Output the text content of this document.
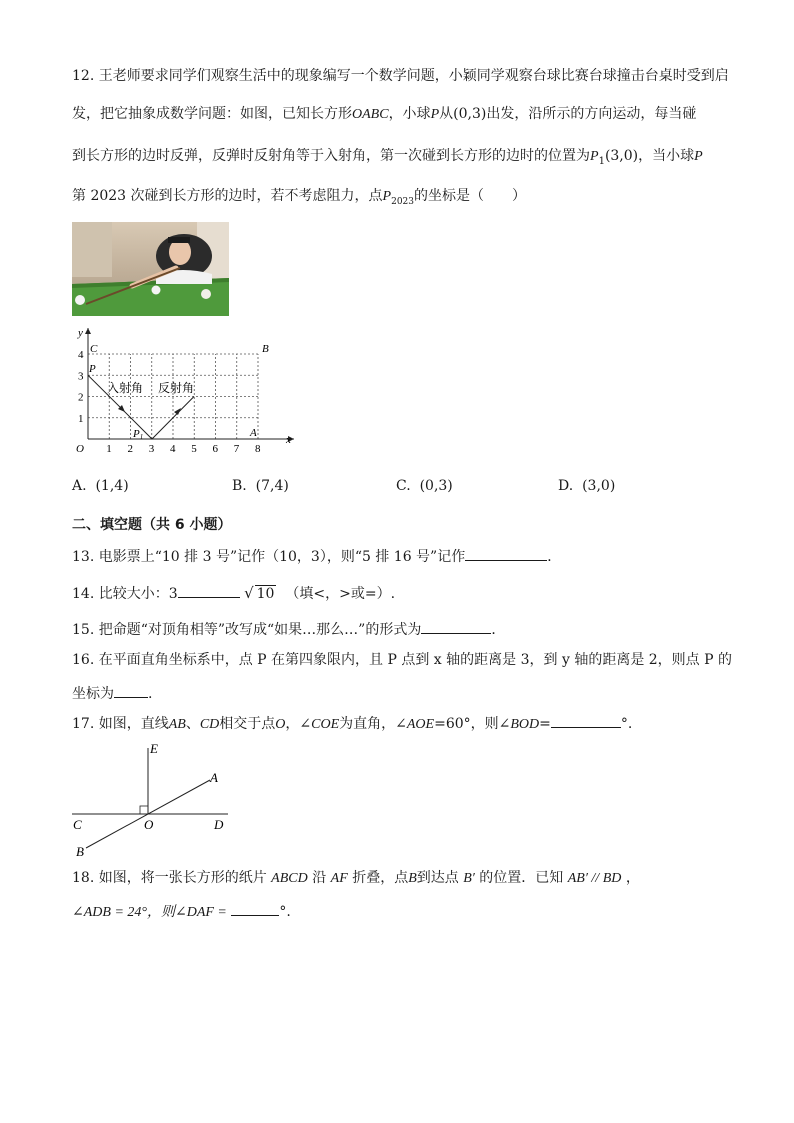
12. 王老师要求同学们观察生活中的现象编写一个数学问题，小颖同学观察台球比赛台球撞击台桌时受到启
发，把它抽象成数学问题：如图，已知长方形OABC，小球P从(0,3)出发，沿所示的方向运动，每当碰
到长方形的边时反弹，反弹时反射角等于入射角，第一次碰到长方形的边时的位置为$P_1(3,0)$，当小球P
第 2023 次碰到长方形的边时，若不考虑阻力，点$P_{2023}$的坐标是（　　）
y
x
O
C	B
A
P
P1
入射角 反射角
1 2 3 4 5 6 7 8
1
2
3
4
A. (1,4)	B. (7,4)	C. (0,3)	D. (3,0)
二、填空题（共 6 小题）
13. 电影票上“10 排 3 号”记作（10，3），则“5 排 16 号”记作	．
14. 比较大小：3	√ 10 （填<，>或=）.
15. 把命题“对顶角相等”改写成“如果…那么…”的形式为	．
16. 在平面直角坐标系中，点 P 在第四象限内，且 P 点到 x 轴的距离是 3，到 y 轴的距离是 2，则点 P 的
坐标为 .
17. 如图，直线AB、CD相交于点O，∠COE为直角，∠AOE=60°，则∠BOD=	°.
E
A
C	O	D
B
18. 如图，将一张长方形的纸片 ABCD 沿 AF 折叠，点B到达点 B′ 的位置．已知 AB′ // BD ，
∠ADB = 24°，则∠DAF =	°.
